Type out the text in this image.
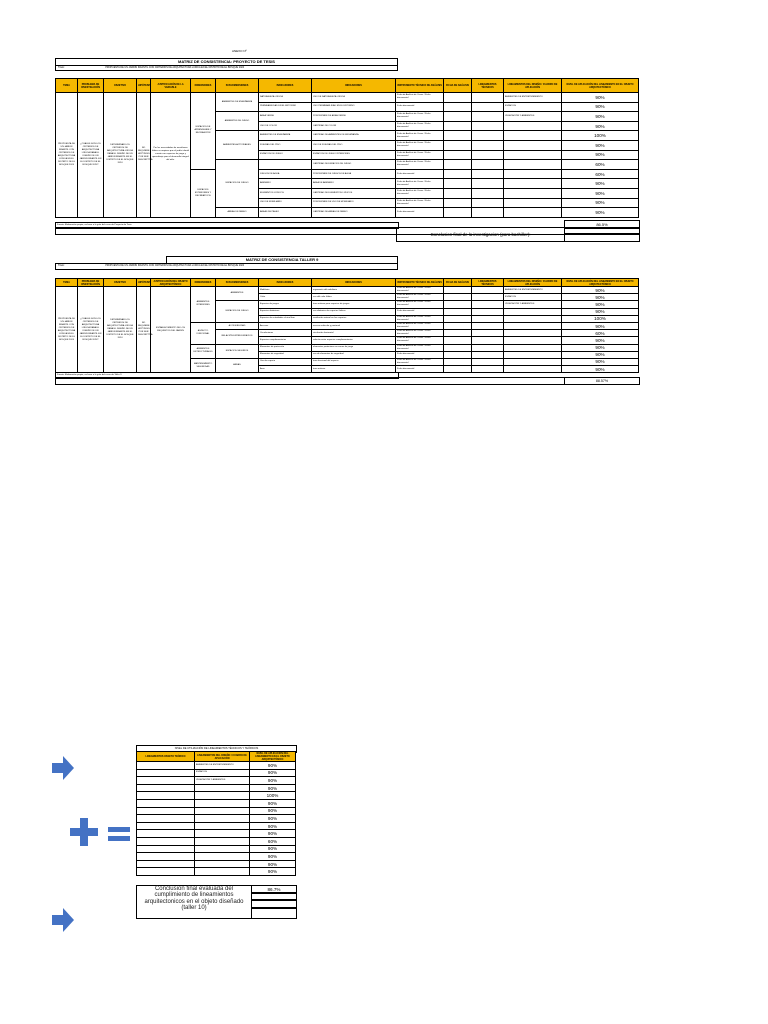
ANEXO Nº
MATRIZ DE CONSISTENCIA: PROYECTO DE TESIS
Título:	PROPUESTA DE UN JARDÍN INFANTIL CON CRITERIOS DE ARQUITECTURA LÚDICA EN EL DISTRITO DE EL BOSQUE 2024
TEMA	PROBLEMA DE INVESTIGACIÓN	OBJETIVO	HIPÓTESIS	JUSTIFICACIÓN DE LA VARIABLE	DIMENSIONES	SUB-DIMENSIONES	INDICADORES	INDICADORES	INSTRUMENTO TÉCNICO DE ANÁLISIS	FICHA DE ANÁLISIS	LINEAMIENTOS TÉCNICOS	LINEAMIENTOS DEL DISEÑO / CUADRO DE APLICACIÓN	NIVEL DE APLICACIÓN DEL LINEAMIENTO EN EL OBJETO ARQUITECTÓNICO
PROPUESTA DE UN JARDÍN INFANTIL CON CRITERIOS DE ARQUITECTURA LÚDICA EN EL DISTRITO DE EL BOSQUE 2024	¿CUÁLES SON LOS CRITERIOS DE ARQUITECTURA LÚDICA PARA EL DISEÑO DE UN JARDÍN INFANTIL EN EL DISTRITO DE EL BOSQUE 2024?	DETERMINAR LOS CRITERIOS DE ARQUITECTURA LÚDICA PARA EL DISEÑO DE UN JARDÍN INFANTIL EN EL DISTRITO DE EL BOSQUE 2024	NO REQUIERE HIPÓTESIS POR SER DESCRIPTIVA	Por las necesidades de enseñanza lúdica se requiere que el jardín infantil cuente con espacios de juego y aprendizaje para el desarrollo integral del niño.	ESPACIOS DE APRENDIZAJE Y RECREACIÓN	AMBIENTES DE ENSEÑANZA	NATURALEZA LÚDICA	USO DE NATURALEZA LÚDICA	Ficha de Análisis de Casos / Ficha documental			AMBIENTES DE ENTRETENIMIENTO	90%
							PERMEABILIDAD EN EL ENTORNO	USO PERMEABILIDAD EN EL ENTORNO	Ficha documental			ESPACIOS	90%
						AMBIENTES DE JUEGO	ÁREA VERDE	PORCENTAJE DE ÁREA VERDE	Ficha de Análisis de Casos / Ficha documental			VEGETACIÓN Y AMBIENTES	90%
							USO DE COLOR	CANTIDAD DE COLOR	Ficha de Análisis de Casos / Ficha documental				90%
						AMBIENTES ACTIVIDADES	AMBIENTES DE ENSEÑANZA	CANTIDAD DE AMBIENTES DE ENSEÑANZA	Ficha de Análisis de Casos / Ficha documental				100%
							FIGURAS DEL PISO	USO DE FIGURAS DEL PISO	Ficha de Análisis de Casos / Ficha documental				90%
							ESPACIOS DE JUEGO	ESPACIOS DE JUEGO INTERIORES	Ficha de Análisis de Casos / Ficha documental				90%
						ESPACIOS DE JUEGO		CANTIDAD DE ESPACIOS DE JUEGO	Ficha de Análisis de Casos / Ficha documental				60%
					ESPACIOS EXTERIORES Y RECREATIVOS		JUEGOS DE AGUA	PORCENTAJE DE JUEGOS DE AGUA	Ficha documental				60%
							ARENERO	ÁREA DE ARENERO	Ficha de Análisis de Casos / Ficha documental				90%
							ELEMENTOS LÚDICOS	CANTIDAD DE ELEMENTOS LÚDICOS	Ficha de Análisis de Casos / Ficha documental				90%
							USO DE MOBILIARIO	PORCENTAJE DE USO DE MOBILIARIO	Ficha de Análisis de Casos / Ficha documental				90%
						ÁREAS DE PASEO	ÁREAS DE PASEO	CANTIDAD DE ÁREAS DE PASEO	Ficha documental				90%
Fuente: Elaboración propia, en base a la guía del curso de Proyecto de Tesis	86.5%
Conclusion final de la investigacion (para bachiller):
MATRIZ DE CONSISTENCIA TALLER 9
Título:	PROPUESTA DE UN JARDÍN INFANTIL CON CRITERIOS DE ARQUITECTURA LÚDICA EN EL DISTRITO DE EL BOSQUE 2024
TEMA	PROBLEMA DE INVESTIGACIÓN	OBJETIVO	HIPÓTESIS	JUSTIFICACIÓN DEL OBJETO ARQUITECTÓNICO	DIMENSIONES	SUB-DIMENSIONES	INDICADORES	INDICADORES	INSTRUMENTO TÉCNICO DE ANÁLISIS	FICHA DE ANÁLISIS	LINEAMIENTOS TÉCNICOS	LINEAMIENTOS DEL DISEÑO / CUADRO DE APLICACIÓN	NIVEL DE APLICACIÓN DEL LINEAMIENTO EN EL OBJETO ARQUITECTÓNICO
PROPUESTA DE UN JARDÍN INFANTIL CON CRITERIOS DE ARQUITECTURA LÚDICA EN EL DISTRITO DE EL BOSQUE 2024	¿CUÁLES SON LOS CRITERIOS DE ARQUITECTURA LÚDICA PARA EL DISEÑO DE UN JARDÍN INFANTIL EN EL DISTRITO DE EL BOSQUE 2024?	DETERMINAR LOS CRITERIOS DE ARQUITECTURA LÚDICA PARA EL DISEÑO DE UN JARDÍN INFANTIL EN EL DISTRITO DE EL BOSQUE 2024	NO REQUIERE HIPÓTESIS POR SER DESCRIPTIVA	ESTABLECIMIENTO DE LOS REQUISITOS DEL JARDÍN	AMBIENTES INTERIORES	AMBIENTES	Mobiliario	ergonomía del mobiliario	Ficha de Análisis de Casos / Ficha documental			AMBIENTES DE ENTRETENIMIENTO	90%
							Color	uso del color lúdico	Ficha de Análisis de Casos / Ficha documental			ESPACIOS	90%
						ESPACIOS DE JUEGO	Espacios de juegos	área mínima para espacios de juegos	Ficha de Análisis de Casos / Ficha documental			VEGETACIÓN Y AMBIENTES	90%
							Espacios dinámicos	uso dinámico de espacios lúdicos	Ficha documental				90%
							Espacios de actividades al aire libre	ventilación natural en los espacios	Ficha de Análisis de Casos / Ficha documental				100%
					ASPECTO FUNCIONAL	ACCESIBILIDAD	Accesos	acceso vehicular y peatonal	Ficha de Análisis de Casos / Ficha documental				90%
						RELACIÓN ENTRE ESPACIOS	Circulaciones	circulación horizontal	Ficha de Análisis de Casos / Ficha documental				60%
							Espacios complementarios	relación entre espacios complementarios	Ficha de Análisis de Casos / Ficha documental				90%
					AMBIENTES ESTRUCTURALES	ESPACIOS SEGUROS	Elementos de protección	elementos protectores en zonas de juego	Ficha de Análisis de Casos / Ficha documental				90%
							Elementos de seguridad	uso de elementos de seguridad	Ficha documental				90%
					MANTENIMIENTO SEGURIDAD	ÁREAS	Uso de espacio	área funcional del espacio	Ficha de Análisis de Casos / Ficha documental				90%
							Área	área mínima	Ficha documental				90%
Fuente: Elaboración propia, en base a la guía del curso de Taller 9
88.57%
NIVEL DE UTILIZACIÓN DE LINEAMIENTOS TÉCNICOS Y TEÓRICOS
LINEAMIENTOS OBJETO TEÓRICO	LINEAMIENTOS DEL DISEÑO / CUADRO DE APLICACIÓN	NIVEL DE APLICACIÓN DEL LINEAMIENTO EN EL OBJETO ARQUITECTÓNICO
	AMBIENTES DE ENTRETENIMIENTO	90%
	ESPACIOS	90%
	VEGETACIÓN Y AMBIENTES	90%
		90%
		100%
		90%
		90%
		90%
		90%
		90%
		60%
		90%
		90%
		90%
		90%
Conclusion final evaluada del cumplimiento de lineamientos arquitectonicos en el objeto diseñado (taller 10)
86.7%
